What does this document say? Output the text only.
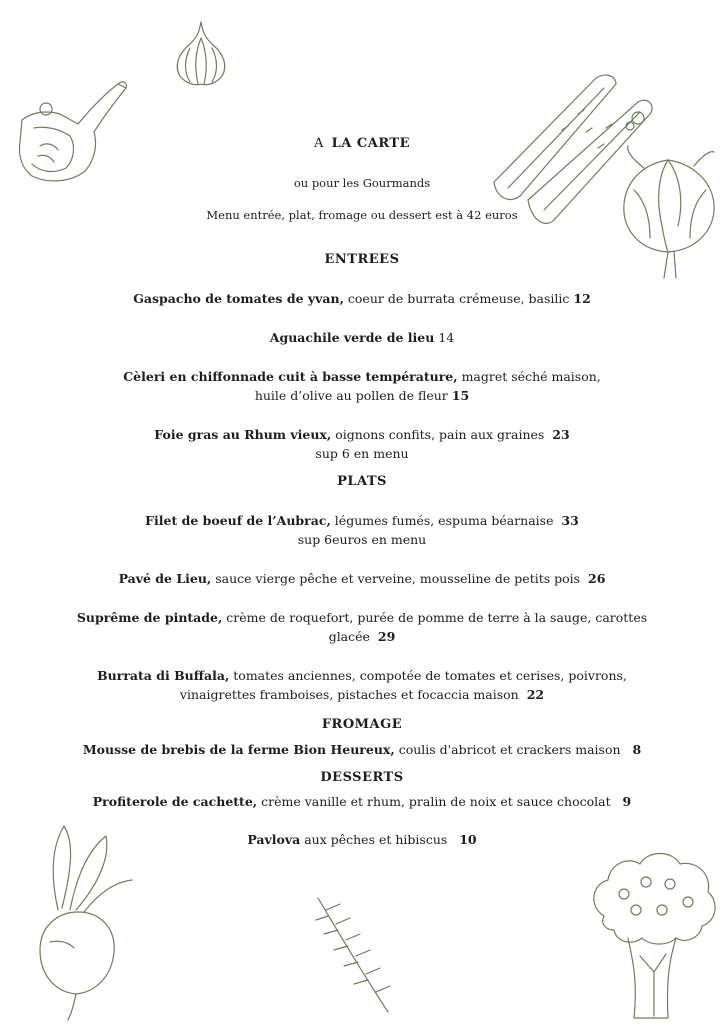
A LA CARTE
ou pour les Gourmands
Menu entrée, plat, fromage ou dessert est à 42 euros
ENTREES
Gaspacho de tomates de yvan, coeur de burrata crémeuse, basilic 12
Aguachile verde de lieu 14
Cèleri en chiffonnade cuit à basse température, magret séché maison,
huile d’olive au pollen de fleur 15
Foie gras au Rhum vieux, oignons confits, pain aux graines 23
sup 6 en menu
PLATS
Filet de boeuf de l’Aubrac, légumes fumés, espuma béarnaise 33
sup 6euros en menu
Pavé de Lieu, sauce vierge pêche et verveine, mousseline de petits pois 26
Suprême de pintade, crème de roquefort, purée de pomme de terre à la sauge, carottes
glacée 29
Burrata di Buffala, tomates anciennes, compotée de tomates et cerises, poivrons,
vinaigrettes framboises, pistaches et focaccia maison 22
FROMAGE
Mousse de brebis de la ferme Bion Heureux, coulis d'abricot et crackers maison 8
DESSERTS
Profiterole de cachette, crème vanille et rhum, pralin de noix et sauce chocolat 9
Pavlova aux pêches et hibiscus 10
